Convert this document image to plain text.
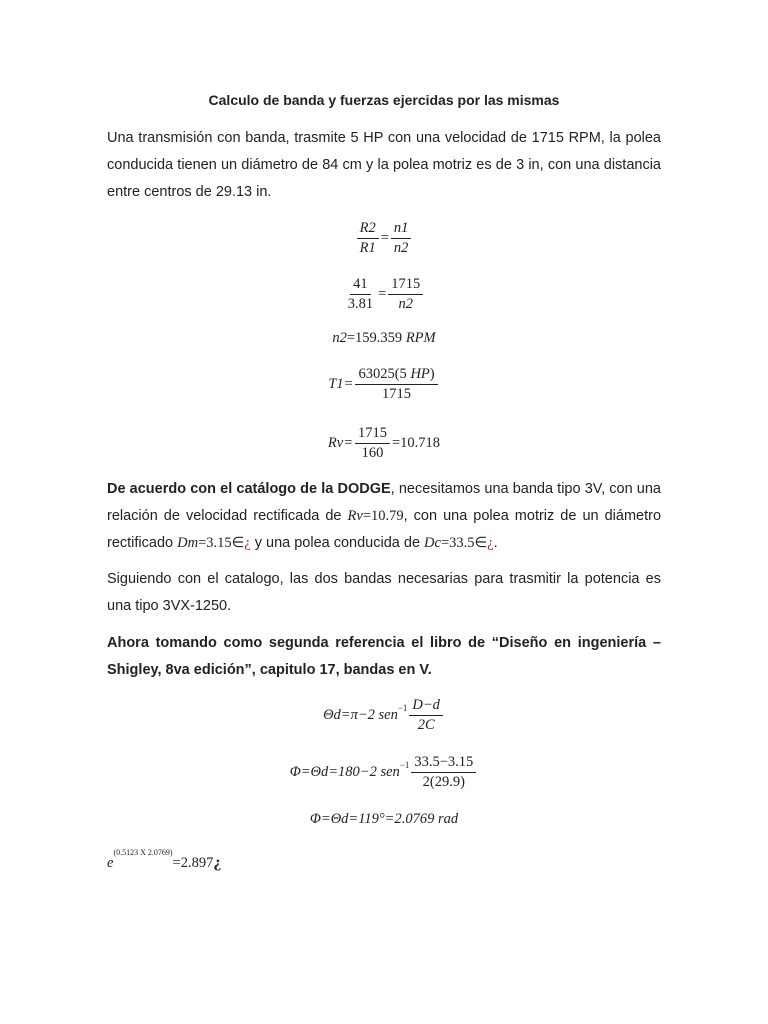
Calculo de banda y fuerzas ejercidas por las mismas
Una transmisión con banda, trasmite 5 HP con una velocidad de 1715 RPM, la polea conducida tienen un diámetro de 84 cm y la polea motriz es de 3 in, con una distancia entre centros de 29.13 in.
$\frac{R2}{R1} = \frac{n1}{n2}$
$\frac{41}{3.81} = \frac{1715}{n2}$
n2=159.359 RPM
$T1= \frac{63025(5 HP)}{1715}$
$Rv= \frac{1715}{160} =10.718$
De acuerdo con el catálogo de la DODGE, necesitamos una banda tipo 3V, con una relación de velocidad rectificada de Rv=10.79, con una polea motriz de un diámetro rectificado Dm=3.15∈¿ y una polea conducida de Dc=33.5∈¿.
Siguiendo con el catalogo, las dos bandas necesarias para trasmitir la potencia es una tipo 3VX-1250.
Ahora tomando como segunda referencia el libro de “Diseño en ingeniería – Shigley, 8va edición”, capitulo 17, bandas en V.
Θd=π−2 $sen^{-1} \frac{D-d}{2C}$
Φ=Θd=180−2 $sen^{-1} \frac{33.5-3.15}{2(29.9)}$
Φ=Θd=119°=2.0769 rad
$e^{(0.5123 X 2.0769)}=2.897¿$
